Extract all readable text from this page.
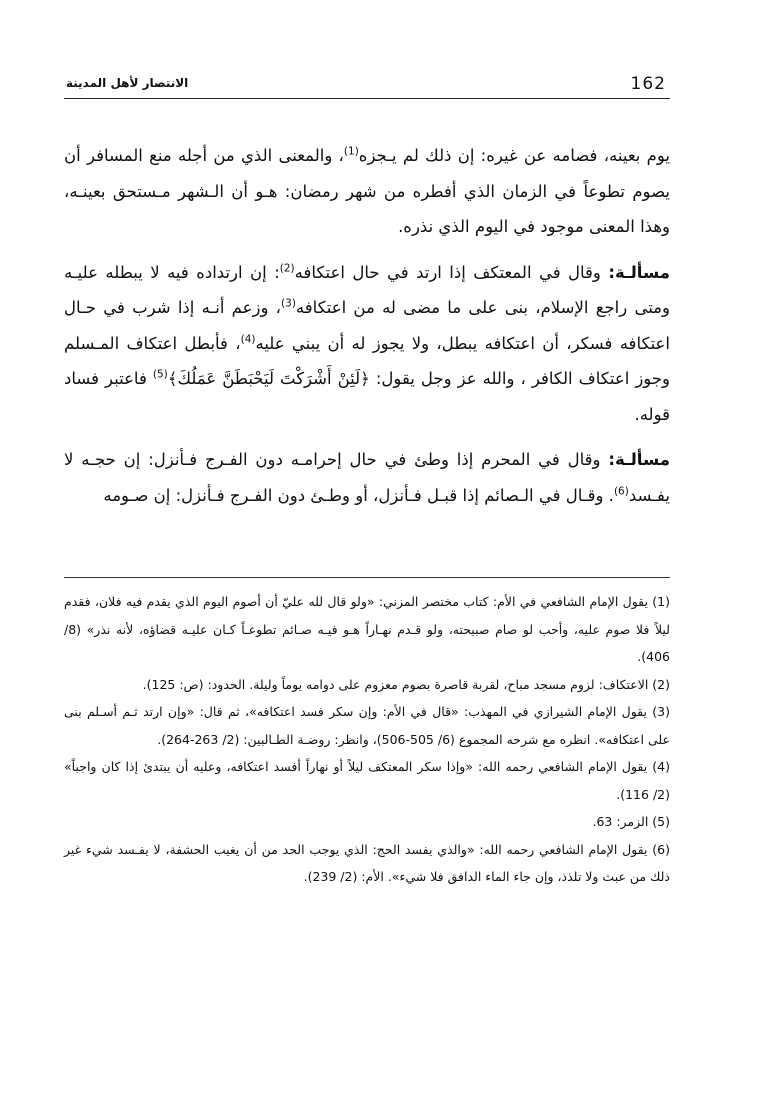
162
الانتصار لأهل المدينة

يوم بعينه، فصامه عن غيره: إن ذلك لم يـجزه$^{(1)}$، والمعنى الذي من أجله منع المسافر أن يصوم تطوعاً في الزمان الذي أفطره من شهر رمضان: هـو أن الـشهر مـستحق بعينـه، وهذا المعنى موجود في اليوم الذي نذره.

مسألـة: وقال في المعتكف إذا ارتد في حال اعتكافه$^{(2)}$: إن ارتداده فيه لا يبطله عليـه ومتى راجع الإسلام، بنى على ما مضى له من اعتكافه$^{(3)}$، وزعم أنـه إذا شرب في حـال اعتكافه فسكر، أن اعتكافه يبطل، ولا يجوز له أن يبني عليه$^{(4)}$، فأبطل اعتكاف المـسلم وجوز اعتكاف الكافر ، والله عز وجل يقول: ﴿لَئِنْ أَشْرَكْتَ لَيَحْبَطَنَّ عَمَلُكَ﴾$^{(5)}$ فاعتبر فساد قوله.

مسألـة: وقال في المحرم إذا وطئ في حال إحرامـه دون الفـرج فـأنزل: إن حجـه لا يفـسد$^{(6)}$. وقـال في الـصائم إذا قبـل فـأنزل، أو وطـئ دون الفـرج فـأنزل: إن صـومه

(1) يقول الإمام الشافعي في الأم: كتاب مختصر المزني: «ولو قال لله عليّ أن أصوم اليوم الذي يقدم فيه فلان، فقدم ليلاً فلا صوم عليه، وأحب لو صام صبيحته، ولو قـدم نهـاراً هـو فيـه صـائم تطوعـاً كـان عليـه قضاؤه، لأنه نذر» (8/ 406).

(2) الاعتكاف: لزوم مسجد مباح، لقربة قاصرة بصوم معزوم على دوامه يوماً وليلة. الحدود: (ص: 125).

(3) يقول الإمام الشيرازي في المهذب: «قال في الأم: وإن سكر فسد اعتكافه»، ثم قال: «وإن ارتد ثـم أسـلم بنى على اعتكافه». انظره مع شرحه المجموع (6/ 505-506)، وانظر: روضـة الطـالبين: (2/ 263-264).

(4) يقول الإمام الشافعي رحمه الله: «وإذا سكر المعتكف ليلاً أو نهاراً أفسد اعتكافه، وعليه أن يبتدئ إذا كان واجباً» (2/ 116).

(5) الزمر: 63.

(6) يقول الإمام الشافعي رحمه الله: «والذي يفسد الحج: الذي يوجب الحد من أن يغيب الحشفة، لا يفـسد شيء غير ذلك من عبث ولا تلذذ، وإن جاء الماء الدافق فلا شيء». الأم: (2/ 239).
